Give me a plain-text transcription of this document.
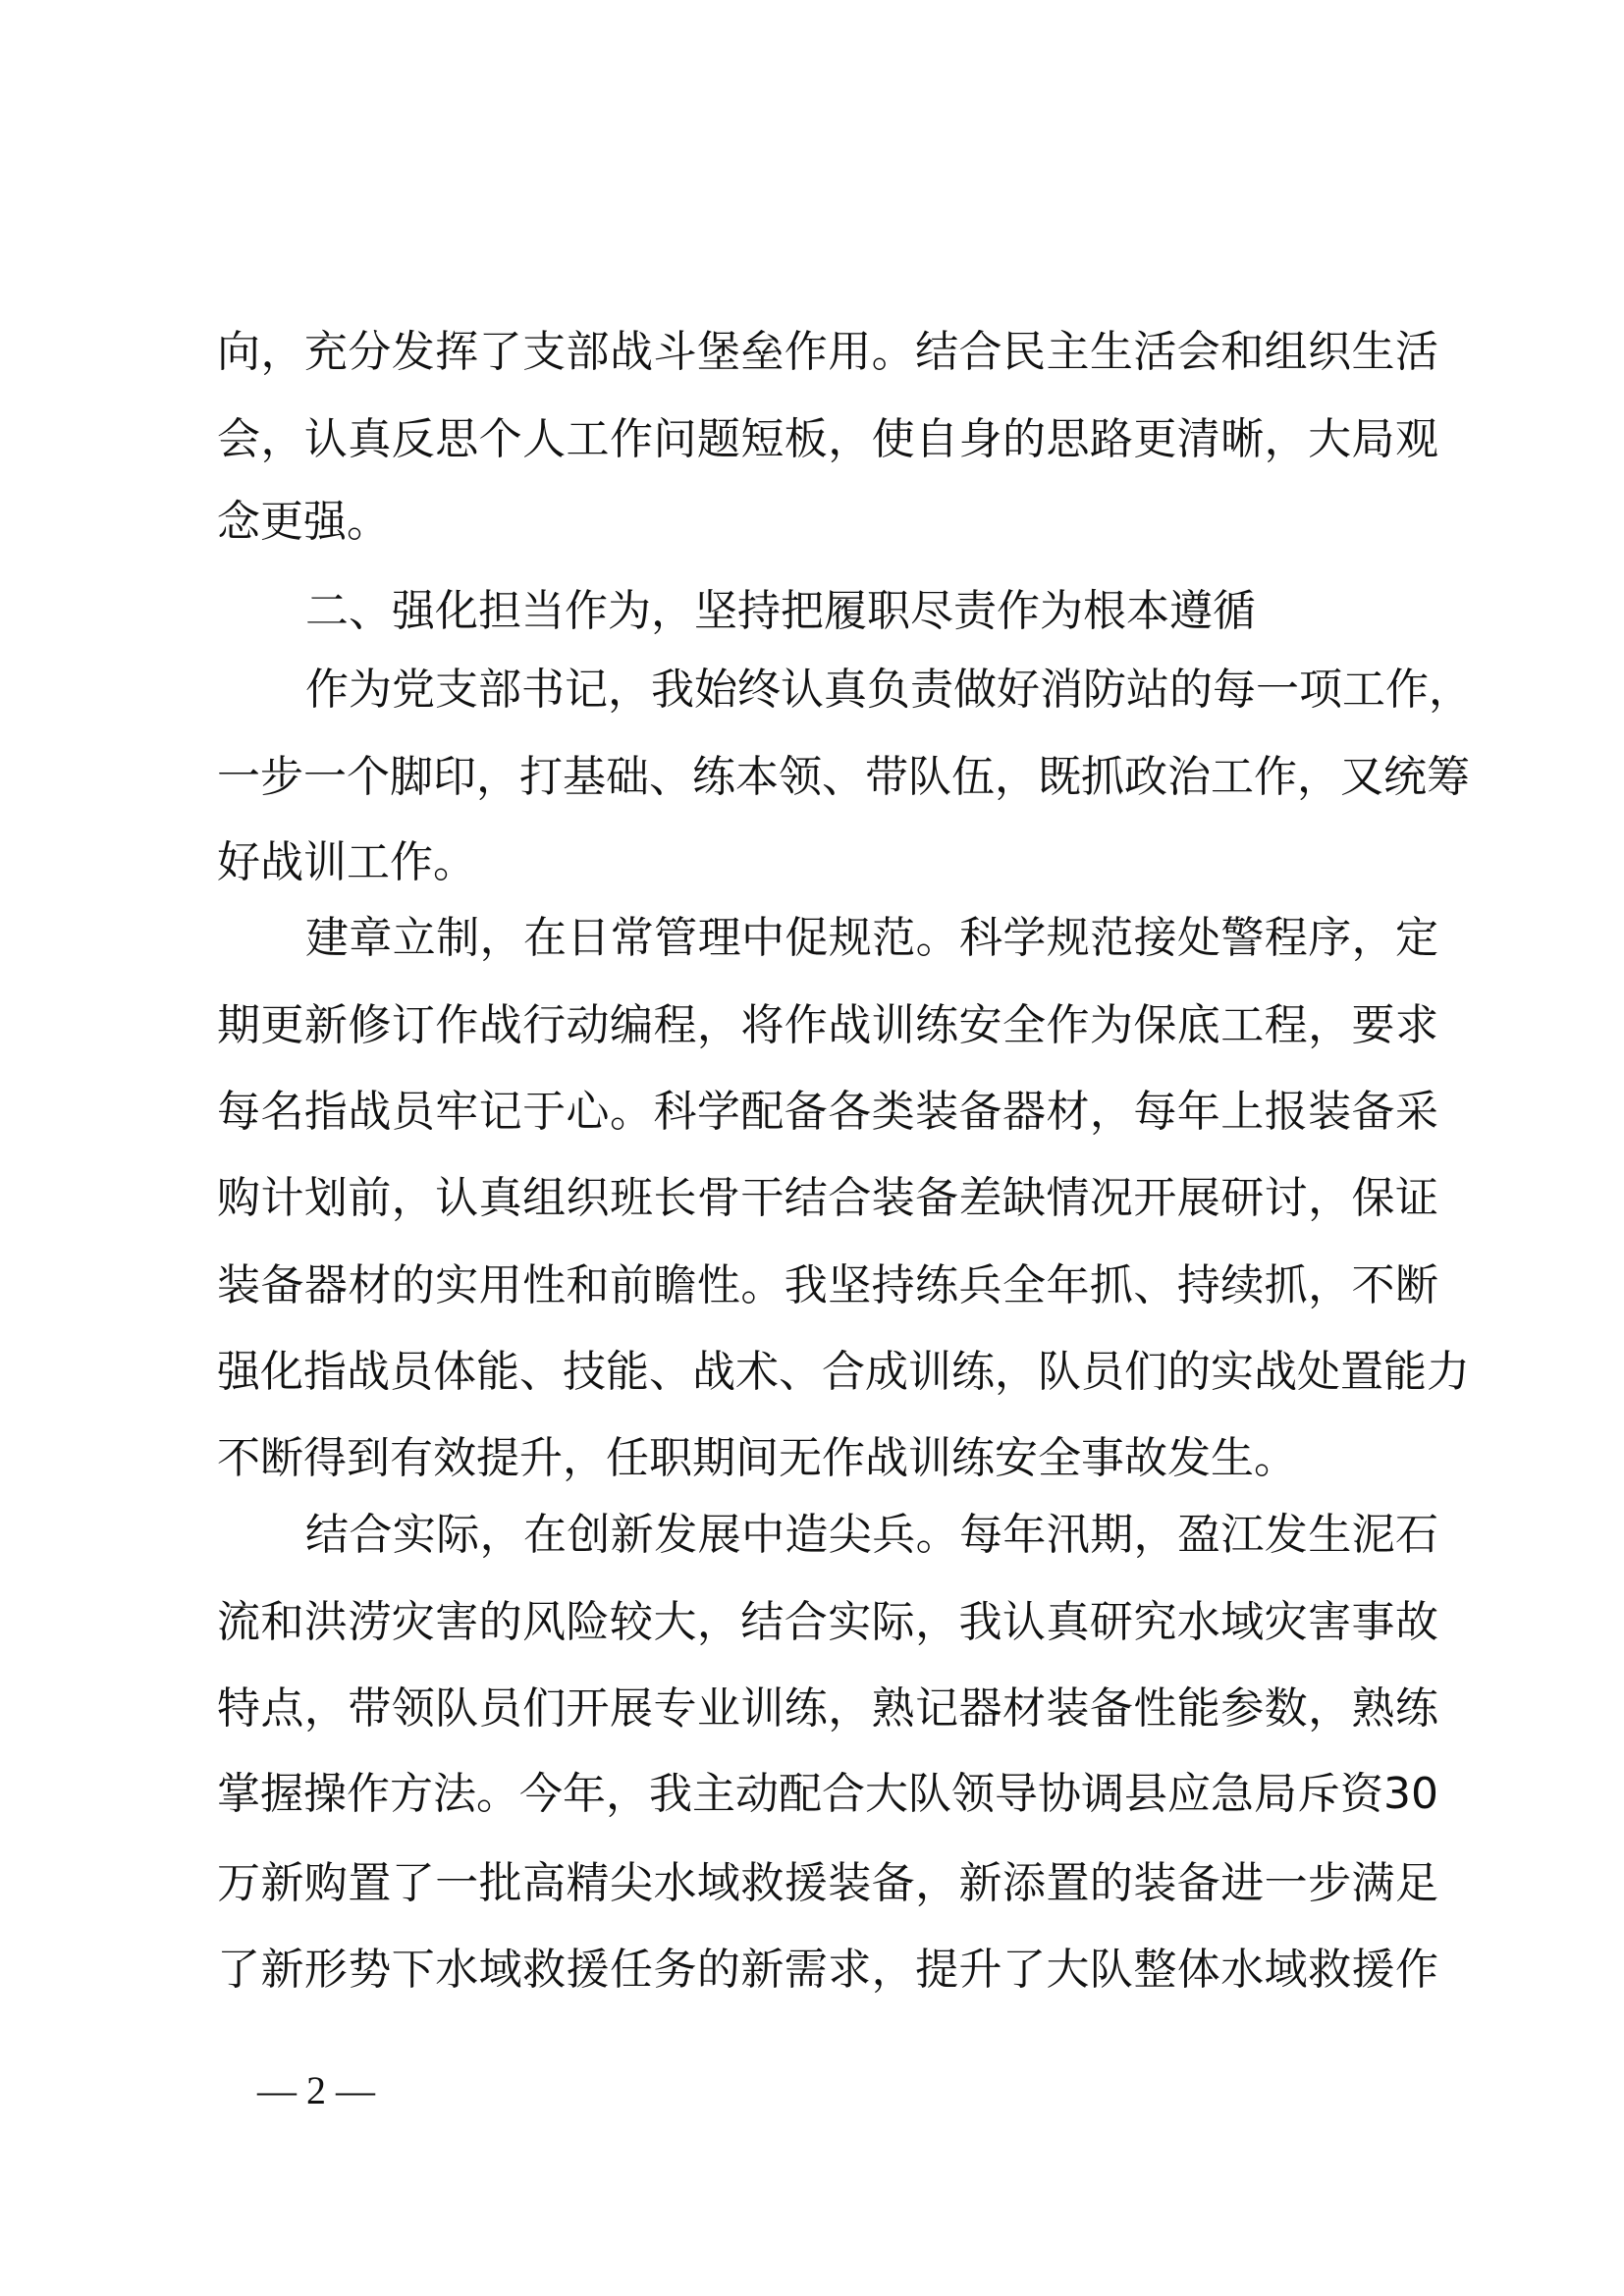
向，充分发挥了支部战斗堡垒作用。结合民主生活会和组织生活
会，认真反思个人工作问题短板，使自身的思路更清晰，大局观
念更强。
二、强化担当作为，坚持把履职尽责作为根本遵循
作为党支部书记，我始终认真负责做好消防站的每一项工作，
一步一个脚印，打基础、练本领、带队伍，既抓政治工作，又统筹
好战训工作。
建章立制，在日常管理中促规范。科学规范接处警程序，定
期更新修订作战行动编程，将作战训练安全作为保底工程，要求
每名指战员牢记于心。科学配备各类装备器材，每年上报装备采
购计划前，认真组织班长骨干结合装备差缺情况开展研讨，保证
装备器材的实用性和前瞻性。我坚持练兵全年抓、持续抓，不断
强化指战员体能、技能、战术、合成训练，队员们的实战处置能力
不断得到有效提升，任职期间无作战训练安全事故发生。
结合实际，在创新发展中造尖兵。每年汛期，盈江发生泥石
流和洪涝灾害的风险较大，结合实际，我认真研究水域灾害事故
特点，带领队员们开展专业训练，熟记器材装备性能参数，熟练
掌握操作方法。今年，我主动配合大队领导协调县应急局斥资30
万新购置了一批高精尖水域救援装备，新添置的装备进一步满足
了新形势下水域救援任务的新需求，提升了大队整体水域救援作
— 2 —
